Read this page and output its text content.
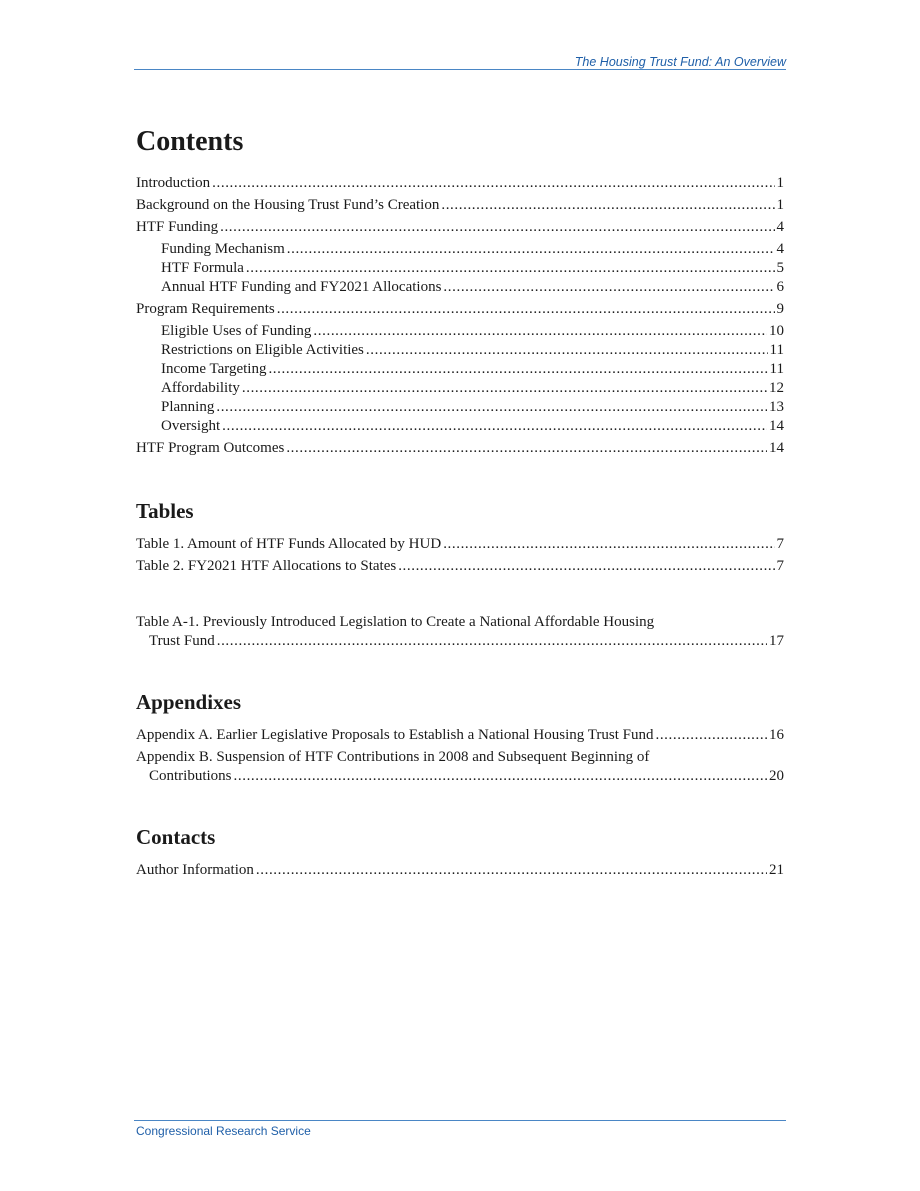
The Housing Trust Fund: An Overview
Contents
Introduction .....	1
Background on the Housing Trust Fund’s Creation .....	1
HTF Funding .....	4
Funding Mechanism .....	4
HTF Formula .....	5
Annual HTF Funding and FY2021 Allocations .....	6
Program Requirements .....	9
Eligible Uses of Funding .....	10
Restrictions on Eligible Activities .....	11
Income Targeting .....	11
Affordability .....	12
Planning .....	13
Oversight .....	14
HTF Program Outcomes .....	14
Tables
Table 1. Amount of HTF Funds Allocated by HUD .....	7
Table 2. FY2021 HTF Allocations to States .....	7
Table A-1. Previously Introduced Legislation to Create a National Affordable Housing
Trust Fund .....	17
Appendixes
Appendix A. Earlier Legislative Proposals to Establish a National Housing Trust Fund .....	16
Appendix B. Suspension of HTF Contributions in 2008 and Subsequent Beginning of
Contributions .....	20
Contacts
Author Information .....	21
Congressional Research Service
